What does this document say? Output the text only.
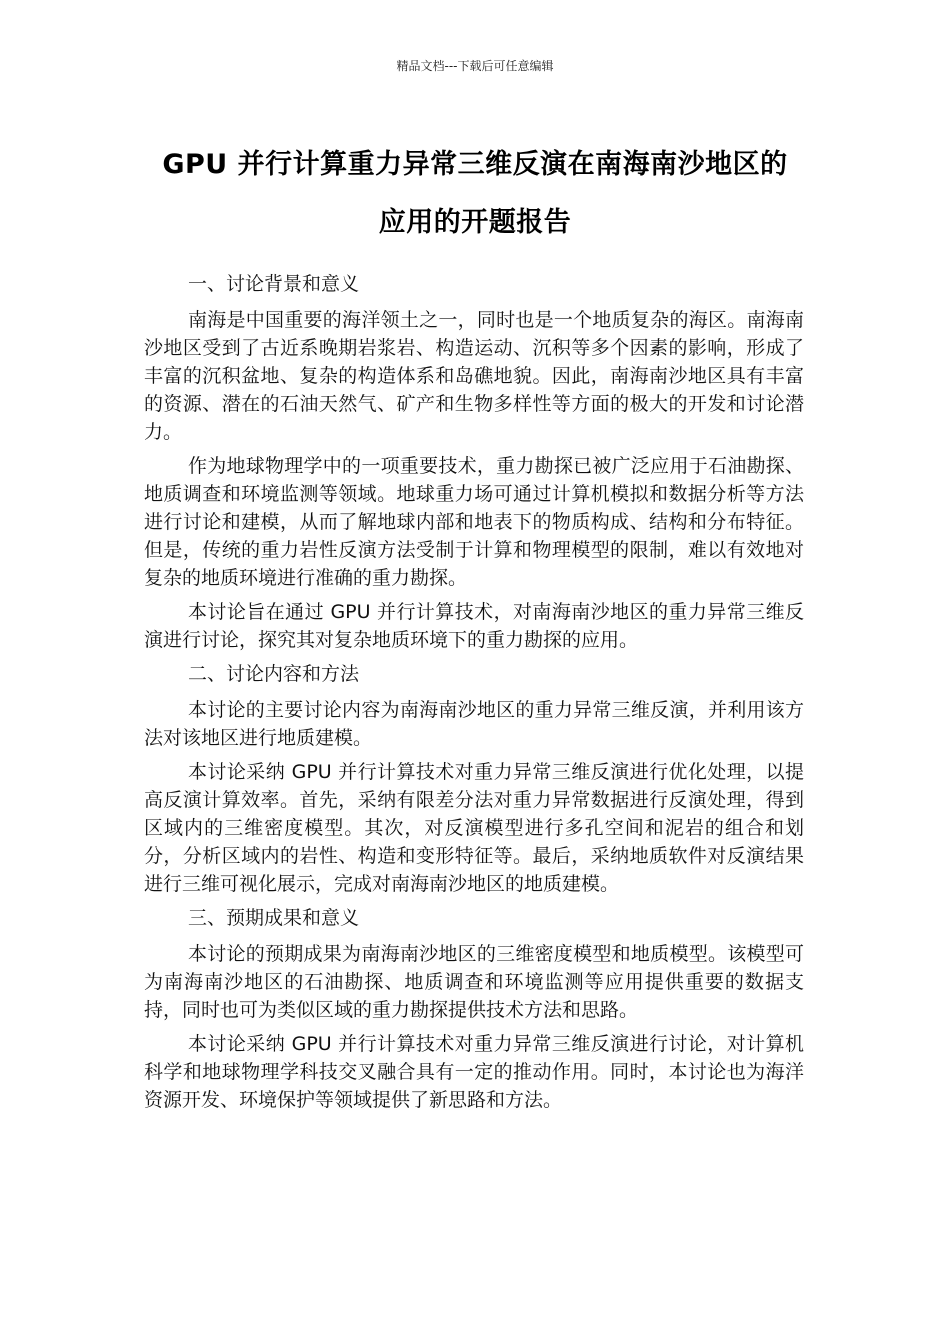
精品文档---下载后可任意编辑
GPU 并行计算重力异常三维反演在南海南沙地区的
应用的开题报告

一、讨论背景和意义

南海是中国重要的海洋领土之一，同时也是一个地质复杂的海区。南海南沙地区受到了古近系晚期岩浆岩、构造运动、沉积等多个因素的影响，形成了丰富的沉积盆地、复杂的构造体系和岛礁地貌。因此，南海南沙地区具有丰富的资源、潜在的石油天然气、矿产和生物多样性等方面的极大的开发和讨论潜力。

作为地球物理学中的一项重要技术，重力勘探已被广泛应用于石油勘探、地质调查和环境监测等领域。地球重力场可通过计算机模拟和数据分析等方法进行讨论和建模，从而了解地球内部和地表下的物质构成、结构和分布特征。但是，传统的重力岩性反演方法受制于计算和物理模型的限制，难以有效地对复杂的地质环境进行准确的重力勘探。

本讨论旨在通过 GPU 并行计算技术，对南海南沙地区的重力异常三维反演进行讨论，探究其对复杂地质环境下的重力勘探的应用。

二、讨论内容和方法

本讨论的主要讨论内容为南海南沙地区的重力异常三维反演，并利用该方法对该地区进行地质建模。

本讨论采纳 GPU 并行计算技术对重力异常三维反演进行优化处理，以提高反演计算效率。首先，采纳有限差分法对重力异常数据进行反演处理，得到区域内的三维密度模型。其次，对反演模型进行多孔空间和泥岩的组合和划分，分析区域内的岩性、构造和变形特征等。最后，采纳地质软件对反演结果进行三维可视化展示，完成对南海南沙地区的地质建模。

三、预期成果和意义

本讨论的预期成果为南海南沙地区的三维密度模型和地质模型。该模型可为南海南沙地区的石油勘探、地质调查和环境监测等应用提供重要的数据支持，同时也可为类似区域的重力勘探提供技术方法和思路。

本讨论采纳 GPU 并行计算技术对重力异常三维反演进行讨论，对计算机科学和地球物理学科技交叉融合具有一定的推动作用。同时，本讨论也为海洋资源开发、环境保护等领域提供了新思路和方法。
